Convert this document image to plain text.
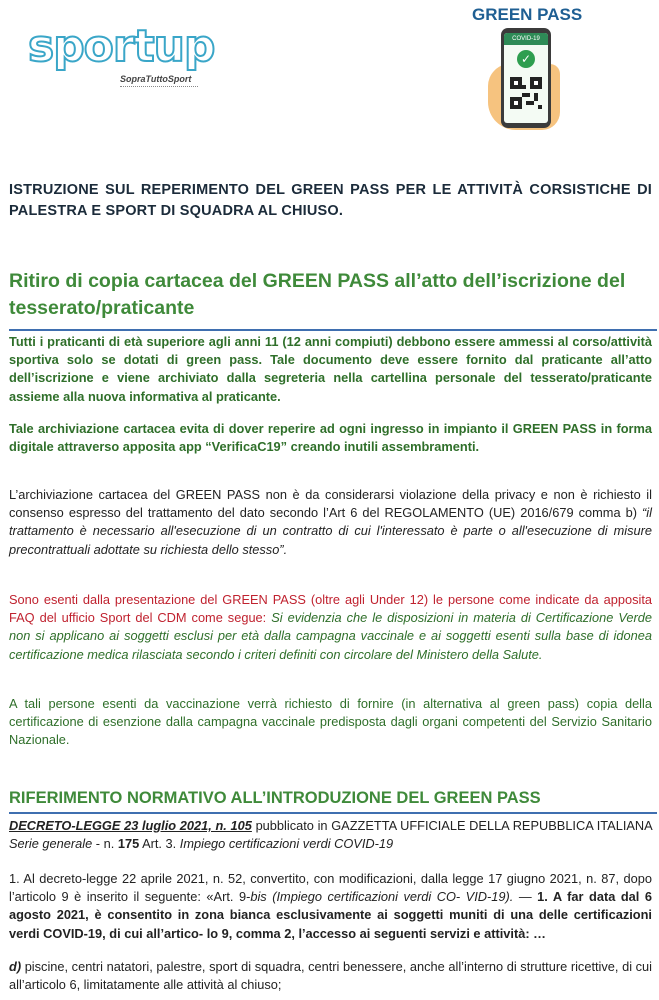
sportup
SopraTuttoSport
GREEN PASS
COVID-19
✓
ISTRUZIONE SUL REPERIMENTO DEL GREEN PASS PER LE ATTIVITÀ CORSISTICHE DI PALESTRA E SPORT DI SQUADRA AL CHIUSO.
Ritiro di copia cartacea del GREEN PASS all’atto dell’iscrizione del tesserato/praticante
Tutti i praticanti di età superiore agli anni 11 (12 anni compiuti) debbono essere ammessi al corso/attività sportiva solo se dotati di green pass. Tale documento deve essere fornito dal praticante all’atto dell’iscrizione e viene archiviato dalla segreteria nella cartellina personale del tesserato/praticante assieme alla nuova informativa al praticante.
Tale archiviazione cartacea evita di dover reperire ad ogni ingresso in impianto il GREEN PASS in forma digitale attraverso apposita app “VerificaC19” creando inutili assembramenti.
L’archiviazione cartacea del GREEN PASS non è da considerarsi violazione della privacy e non è richiesto il consenso espresso del trattamento del dato secondo l’Art 6 del REGOLAMENTO (UE) 2016/679 comma b) “il trattamento è necessario all'esecuzione di un contratto di cui l'interessato è parte o all'esecuzione di misure precontrattuali adottate su richiesta dello stesso”.
Sono esenti dalla presentazione del GREEN PASS (oltre agli Under 12) le persone come indicate da apposita FAQ del ufficio Sport del CDM come segue: Si evidenzia che le disposizioni in materia di Certificazione Verde non si applicano ai soggetti esclusi per età dalla campagna vaccinale e ai soggetti esenti sulla base di idonea certificazione medica rilasciata secondo i criteri definiti con circolare del Ministero della Salute.
A tali persone esenti da vaccinazione verrà richiesto di fornire (in alternativa al green pass) copia della certificazione di esenzione dalla campagna vaccinale predisposta dagli organi competenti del Servizio Sanitario Nazionale.
RIFERIMENTO NORMATIVO ALL’INTRODUZIONE DEL GREEN PASS
DECRETO-LEGGE 23 luglio 2021, n. 105 pubblicato in GAZZETTA UFFICIALE DELLA REPUBBLICA ITALIANA Serie generale - n. 175 Art. 3. Impiego certificazioni verdi COVID-19
1. Al decreto-legge 22 aprile 2021, n. 52, convertito, con modificazioni, dalla legge 17 giugno 2021, n. 87, dopo l’articolo 9 è inserito il seguente: «Art. 9-bis (Impiego certificazioni verdi CO- VID-19). — 1. A far data dal 6 agosto 2021, è consentito in zona bianca esclusivamente ai soggetti muniti di una delle certificazioni verdi COVID-19, di cui all’artico- lo 9, comma 2, l’accesso ai seguenti servizi e attività: …
d) piscine, centri natatori, palestre, sport di squadra, centri benessere, anche all’interno di strutture ricettive, di cui all’articolo 6, limitatamente alle attività al chiuso;
